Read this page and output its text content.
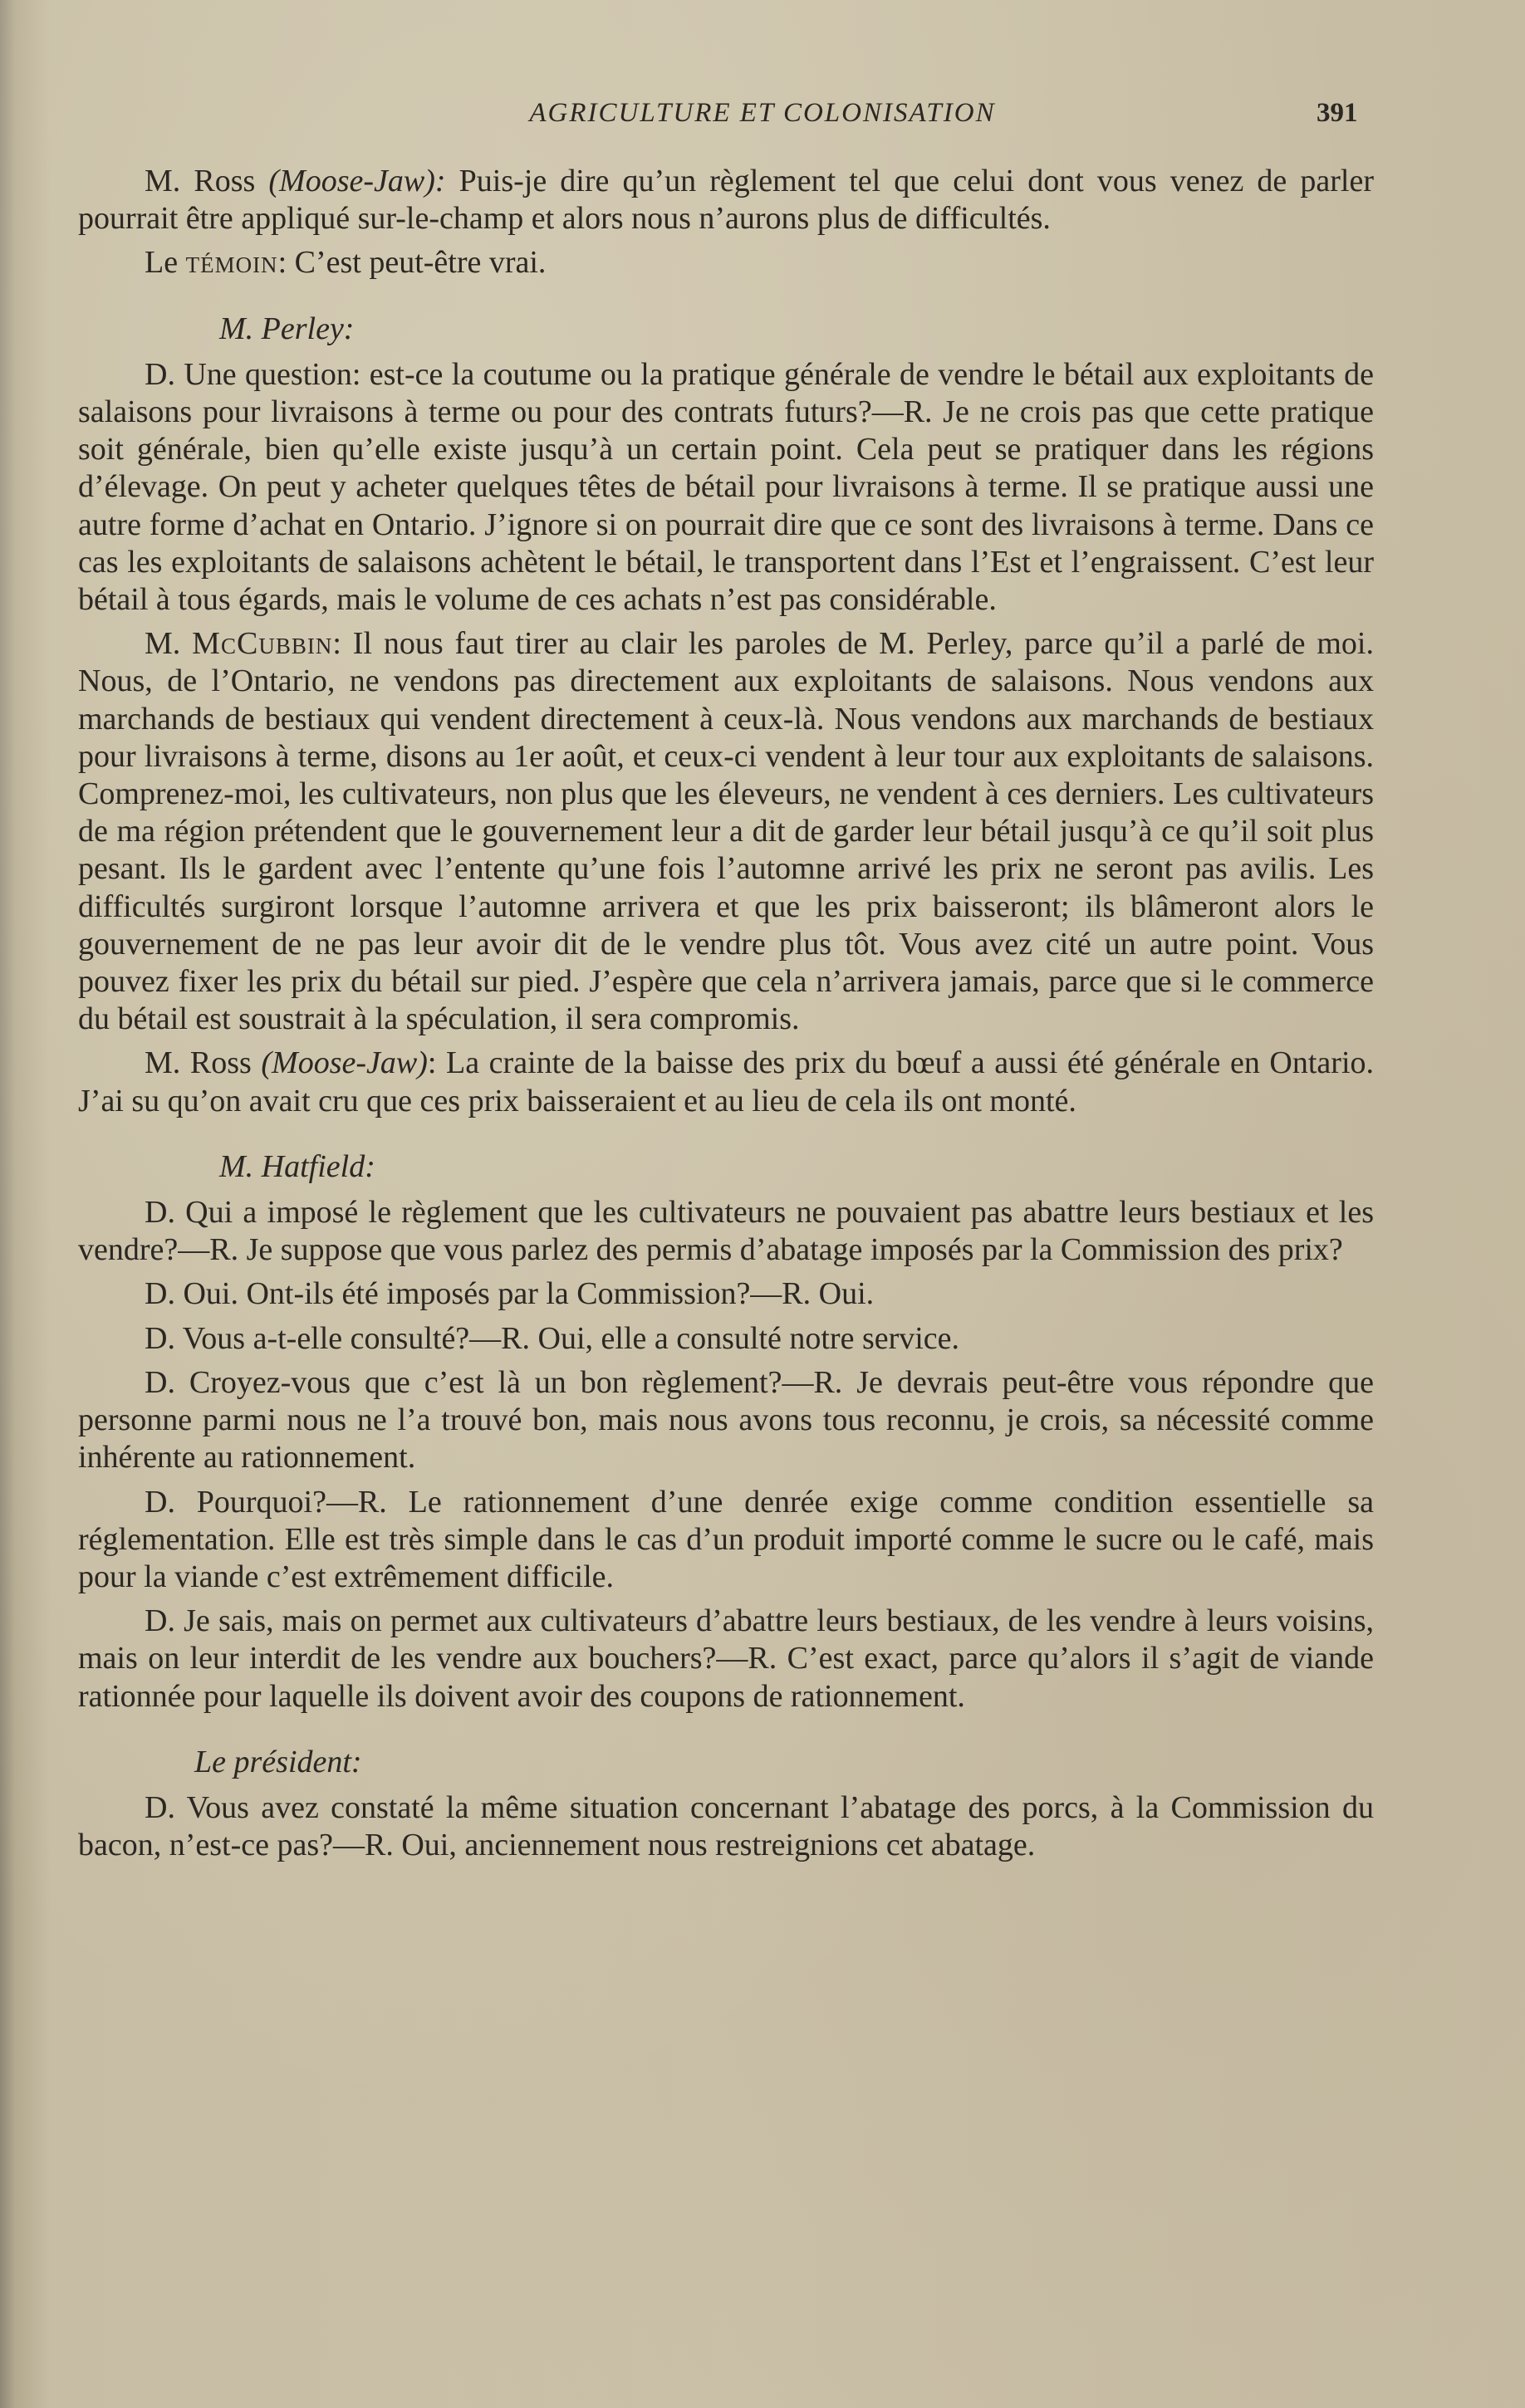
AGRICULTURE ET COLONISATION	391

M. Ross (Moose-Jaw): Puis-je dire qu’un règlement tel que celui dont vous venez de parler pourrait être appliqué sur-le-champ et alors nous n’aurons plus de difficultés.

Le témoin: C’est peut-être vrai.

M. Perley:

D. Une question: est-ce la coutume ou la pratique générale de vendre le bétail aux exploitants de salaisons pour livraisons à terme ou pour des contrats futurs?—R. Je ne crois pas que cette pratique soit générale, bien qu’elle existe jusqu’à un certain point. Cela peut se pratiquer dans les régions d’élevage. On peut y acheter quelques têtes de bétail pour livraisons à terme. Il se pratique aussi une autre forme d’achat en Ontario. J’ignore si on pourrait dire que ce sont des livraisons à terme. Dans ce cas les exploitants de salaisons achètent le bétail, le transportent dans l’Est et l’engraissent. C’est leur bétail à tous égards, mais le volume de ces achats n’est pas considérable.

M. McCubbin: Il nous faut tirer au clair les paroles de M. Perley, parce qu’il a parlé de moi. Nous, de l’Ontario, ne vendons pas directement aux exploitants de salaisons. Nous vendons aux marchands de bestiaux qui vendent directement à ceux-là. Nous vendons aux marchands de bestiaux pour livraisons à terme, disons au 1er août, et ceux-ci vendent à leur tour aux exploitants de salaisons. Comprenez-moi, les cultivateurs, non plus que les éleveurs, ne vendent à ces derniers. Les cultivateurs de ma région prétendent que le gouvernement leur a dit de garder leur bétail jusqu’à ce qu’il soit plus pesant. Ils le gardent avec l’entente qu’une fois l’automne arrivé les prix ne seront pas avilis. Les difficultés surgiront lorsque l’automne arrivera et que les prix baisseront; ils blâmeront alors le gouvernement de ne pas leur avoir dit de le vendre plus tôt. Vous avez cité un autre point. Vous pouvez fixer les prix du bétail sur pied. J’espère que cela n’arrivera jamais, parce que si le commerce du bétail est soustrait à la spéculation, il sera compromis.

M. Ross (Moose-Jaw): La crainte de la baisse des prix du bœuf a aussi été générale en Ontario. J’ai su qu’on avait cru que ces prix baisseraient et au lieu de cela ils ont monté.

M. Hatfield:

D. Qui a imposé le règlement que les cultivateurs ne pouvaient pas abattre leurs bestiaux et les vendre?—R. Je suppose que vous parlez des permis d’abatage imposés par la Commission des prix?

D. Oui. Ont-ils été imposés par la Commission?—R. Oui.

D. Vous a-t-elle consulté?—R. Oui, elle a consulté notre service.

D. Croyez-vous que c’est là un bon règlement?—R. Je devrais peut-être vous répondre que personne parmi nous ne l’a trouvé bon, mais nous avons tous reconnu, je crois, sa nécessité comme inhérente au rationnement.

D. Pourquoi?—R. Le rationnement d’une denrée exige comme condition essentielle sa réglementation. Elle est très simple dans le cas d’un produit importé comme le sucre ou le café, mais pour la viande c’est extrêmement difficile.

D. Je sais, mais on permet aux cultivateurs d’abattre leurs bestiaux, de les vendre à leurs voisins, mais on leur interdit de les vendre aux bouchers?—R. C’est exact, parce qu’alors il s’agit de viande rationnée pour laquelle ils doivent avoir des coupons de rationnement.

Le président:

D. Vous avez constaté la même situation concernant l’abatage des porcs, à la Commission du bacon, n’est-ce pas?—R. Oui, anciennement nous restreignions cet abatage.
